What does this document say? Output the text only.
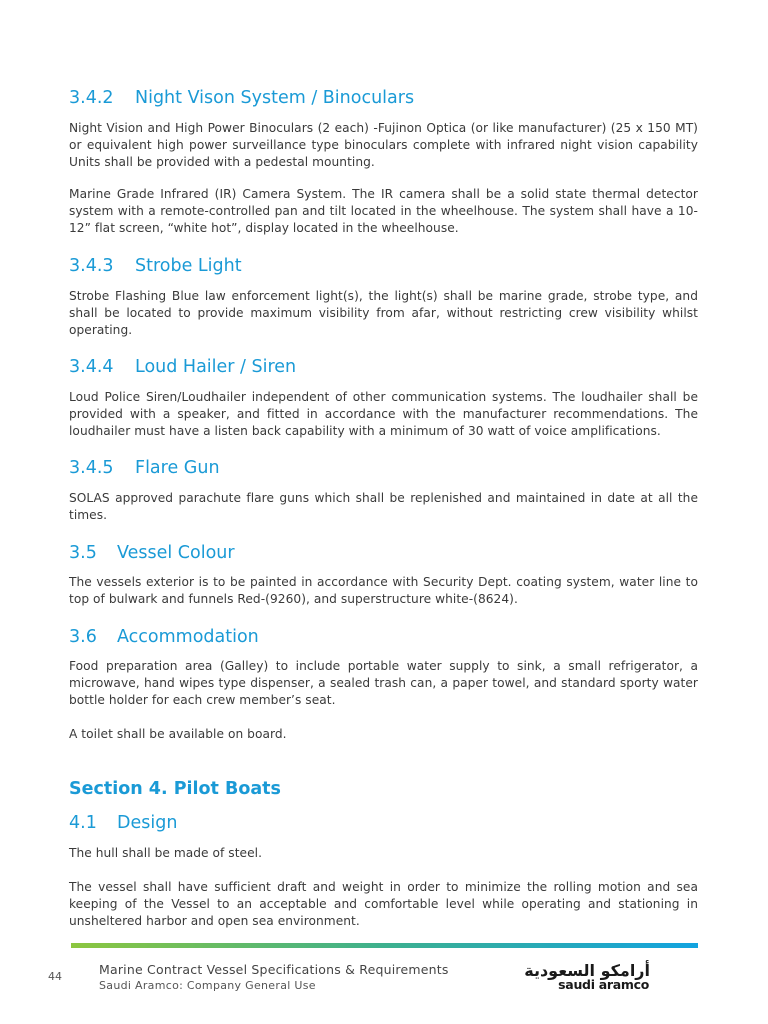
3.4.2 Night Vison System / Binoculars

Night Vision and High Power Binoculars (2 each) -Fujinon Optica (or like manufacturer) (25 x 150 MT) or equivalent high power surveillance type binoculars complete with infrared night vision capability Units shall be provided with a pedestal mounting.

Marine Grade Infrared (IR) Camera System. The IR camera shall be a solid state thermal detector system with a remote-controlled pan and tilt located in the wheelhouse. The system shall have a 10-12” flat screen, “white hot”, display located in the wheelhouse.

3.4.3 Strobe Light

Strobe Flashing Blue law enforcement light(s), the light(s) shall be marine grade, strobe type, and shall be located to provide maximum visibility from afar, without restricting crew visibility whilst operating.

3.4.4 Loud Hailer / Siren

Loud Police Siren/Loudhailer independent of other communication systems. The loudhailer shall be provided with a speaker, and fitted in accordance with the manufacturer recommendations. The loudhailer must have a listen back capability with a minimum of 30 watt of voice amplifications.

3.4.5 Flare Gun

SOLAS approved parachute flare guns which shall be replenished and maintained in date at all the times.

3.5 Vessel Colour

The vessels exterior is to be painted in accordance with Security Dept. coating system, water line to top of bulwark and funnels Red-(9260), and superstructure white-(8624).

3.6 Accommodation

Food preparation area (Galley) to include portable water supply to sink, a small refrigerator, a microwave, hand wipes type dispenser, a sealed trash can, a paper towel, and standard sporty water bottle holder for each crew member’s seat.

A toilet shall be available on board.

Section 4. Pilot Boats
4.1 Design

The hull shall be made of steel.

The vessel shall have sufficient draft and weight in order to minimize the rolling motion and sea keeping of the Vessel to an acceptable and comfortable level while operating and stationing in unsheltered harbor and open sea environment.

44	Marine Contract Vessel Specifications & Requirements
Saudi Aramco: Company General Use
أرامكو السعودية
saudi aramco
